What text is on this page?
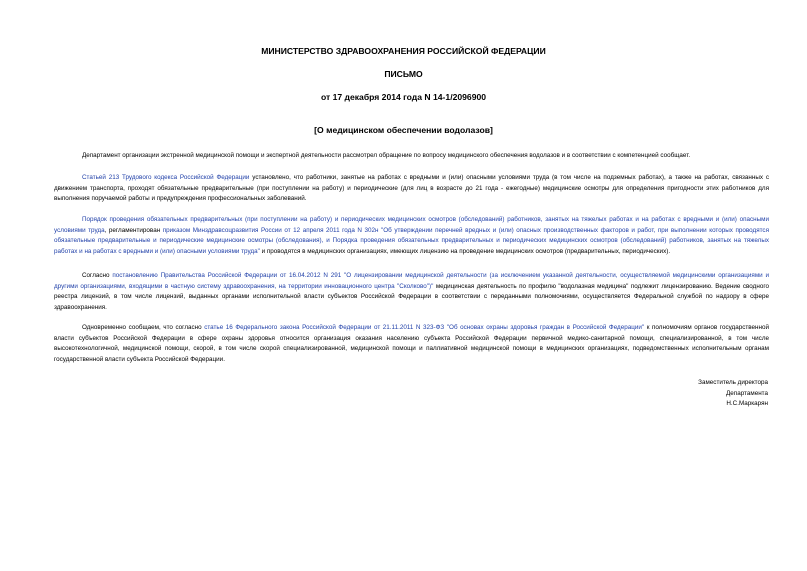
МИНИСТЕРСТВО ЗДРАВООХРАНЕНИЯ РОССИЙСКОЙ ФЕДЕРАЦИИ
ПИСЬМО
от 17 декабря 2014 года N 14-1/2096900
[О медицинском обеспечении водолазов]

Департамент организации экстренной медицинской помощи и экспертной деятельности рассмотрел обращение по вопросу медицинского обеспечения водолазов и в соответствии с компетенцией сообщает.

Статьей 213 Трудового кодекса Российской Федерации установлено, что работники, занятые на работах с вредными и (или) опасными условиями труда (в том числе на подземных работах), а также на работах, связанных с движением транспорта, проходят обязательные предварительные (при поступлении на работу) и периодические (для лиц в возрасте до 21 года - ежегодные) медицинские осмотры для определения пригодности этих работников для выполнения поручаемой работы и предупреждения профессиональных заболеваний.

Порядок проведения обязательных предварительных (при поступлении на работу) и периодических медицинских осмотров (обследований) работников, занятых на тяжелых работах и на работах с вредными и (или) опасными условиями труда, регламентирован приказом Минздравсоцразвития России от 12 апреля 2011 года N 302н "Об утверждении перечней вредных и (или) опасных производственных факторов и работ, при выполнении которых проводятся обязательные предварительные и периодические медицинские осмотры (обследования), и Порядка проведения обязательных предварительных и периодических медицинских осмотров (обследований) работников, занятых на тяжелых работах и на работах с вредными и (или) опасными условиями труда" и проводятся в медицинских организациях, имеющих лицензию на проведение медицинских осмотров (предварительных, периодических).

Согласно постановлению Правительства Российской Федерации от 16.04.2012 N 291 "О лицензировании медицинской деятельности (за исключением указанной деятельности, осуществляемой медицинскими организациями и другими организациями, входящими в частную систему здравоохранения, на территории инновационного центра "Сколково")" медицинская деятельность по профилю "водолазная медицина" подлежит лицензированию. Ведение сводного реестра лицензий, в том числе лицензий, выданных органами исполнительной власти субъектов Российской Федерации в соответствии с переданными полномочиями, осуществляется Федеральной службой по надзору в сфере здравоохранения.

Одновременно сообщаем, что согласно статье 16 Федерального закона Российской Федерации от 21.11.2011 N 323-ФЗ "Об основах охраны здоровья граждан в Российской Федерации" к полномочиям органов государственной власти субъектов Российской Федерации в сфере охраны здоровья относится организация оказания населению субъекта Российской Федерации первичной медико-санитарной помощи, специализированной, в том числе высокотехнологичной, медицинской помощи, скорой, в том числе скорой специализированной, медицинской помощи и паллиативной медицинской помощи в медицинских организациях, подведомственных исполнительным органам государственной власти субъекта Российской Федерации.

Заместитель директора
Департамента
Н.С.Маркарян
